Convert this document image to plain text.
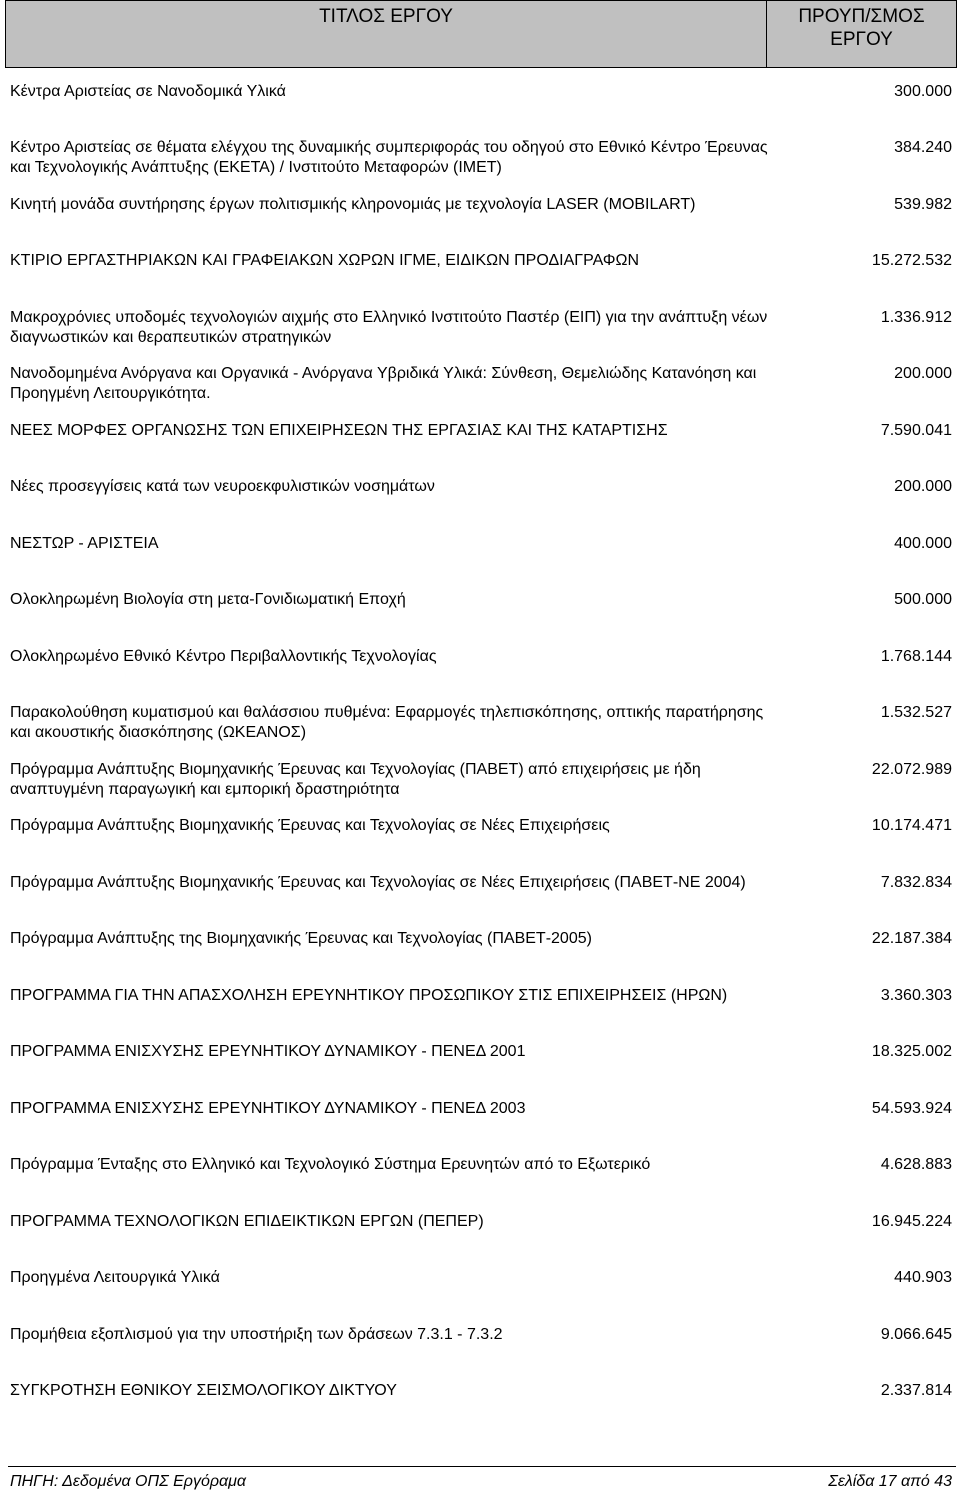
ΤΙΤΛΟΣ ΕΡΓΟΥ	ΠΡΟΥΠ/ΣΜΟΣ
ΕΡΓΟΥ
Κέντρα Αριστείας σε Νανοδομικά Υλικά	300.000
Κέντρο Αριστείας σε θέματα ελέγχου της δυναμικής συμπεριφοράς του οδηγού στο Εθνικό Κέντρο Έρευνας και Τεχνολογικής Ανάπτυξης (ΕΚΕΤΑ) / Ινστιτούτο Μεταφορών (ΙΜΕΤ)
384.240
Κινητή μονάδα συντήρησης έργων πολιτισμικής κληρονομιάς με τεχνολογία LASER (MOBILART)	539.982
ΚΤΙΡΙΟ ΕΡΓΑΣΤΗΡΙΑΚΩΝ ΚΑΙ ΓΡΑΦΕΙΑΚΩΝ ΧΩΡΩΝ ΙΓΜΕ, ΕΙΔΙΚΩΝ ΠΡΟΔΙΑΓΡΑΦΩΝ	15.272.532
Μακροχρόνιες υποδομές τεχνολογιών αιχμής στο Ελληνικό Ινστιτούτο Παστέρ (ΕΙΠ) για την ανάπτυξη νέων διαγνωστικών και θεραπευτικών στρατηγικών
1.336.912
Νανοδομημένα Ανόργανα και Οργανικά - Ανόργανα Υβριδικά Υλικά: Σύνθεση, Θεμελιώδης Κατανόηση και Προηγμένη Λειτουργικότητα.
200.000
ΝΕΕΣ ΜΟΡΦΕΣ ΟΡΓΑΝΩΣΗΣ ΤΩΝ ΕΠΙΧΕΙΡΗΣΕΩΝ ΤΗΣ ΕΡΓΑΣΙΑΣ ΚΑΙ ΤΗΣ ΚΑΤΑΡΤΙΣΗΣ	7.590.041
Νέες προσεγγίσεις κατά των νευροεκφυλιστικών νοσημάτων	200.000
ΝΕΣΤΩΡ - ΑΡΙΣΤΕΙΑ	400.000
Ολοκληρωμένη Βιολογία στη μετα-Γονιδιωματική Εποχή	500.000
Ολοκληρωμένο Εθνικό Κέντρο Περιβαλλοντικής Τεχνολογίας	1.768.144
Παρακολούθηση κυματισμού και θαλάσσιου πυθμένα: Εφαρμογές τηλεπισκόπησης, οπτικής παρατήρησης και ακουστικής διασκόπησης (ΩΚΕΑΝΟΣ)
1.532.527
Πρόγραμμα Ανάπτυξης Βιομηχανικής Έρευνας και Τεχνολογίας (ΠΑΒΕΤ) από επιχειρήσεις με ήδη αναπτυγμένη παραγωγική και εμπορική δραστηριότητα
22.072.989
Πρόγραμμα Ανάπτυξης Βιομηχανικής Έρευνας και Τεχνολογίας σε Νέες Επιχειρήσεις	10.174.471
Πρόγραμμα Ανάπτυξης Βιομηχανικής Έρευνας και Τεχνολογίας σε Νέες Επιχειρήσεις (ΠΑΒΕΤ-ΝΕ 2004)	7.832.834
Πρόγραμμα Ανάπτυξης της Βιομηχανικής Έρευνας και Τεχνολογίας (ΠΑΒΕΤ-2005)	22.187.384
ΠΡΟΓΡΑΜΜΑ ΓΙΑ ΤΗΝ ΑΠΑΣΧΟΛΗΣΗ ΕΡΕΥΝΗΤΙΚΟΥ ΠΡΟΣΩΠΙΚΟΥ ΣΤΙΣ ΕΠΙΧΕΙΡΗΣΕΙΣ (ΗΡΩΝ)	3.360.303
ΠΡΟΓΡΑΜΜΑ ΕΝΙΣΧΥΣΗΣ ΕΡΕΥΝΗΤΙΚΟΥ ΔΥΝΑΜΙΚΟΥ - ΠΕΝΕΔ 2001	18.325.002
ΠΡΟΓΡΑΜΜΑ ΕΝΙΣΧΥΣΗΣ ΕΡΕΥΝΗΤΙΚΟΥ ΔΥΝΑΜΙΚΟΥ - ΠΕΝΕΔ 2003	54.593.924
Πρόγραμμα Ένταξης στο Ελληνικό και Τεχνολογικό Σύστημα Ερευνητών από το Εξωτερικό	4.628.883
ΠΡΟΓΡΑΜΜΑ ΤΕΧΝΟΛΟΓΙΚΩΝ ΕΠΙΔΕΙΚΤΙΚΩΝ ΕΡΓΩΝ (ΠΕΠΕΡ)	16.945.224
Προηγμένα Λειτουργικά Υλικά	440.903
Προμήθεια εξοπλισμού για την υποστήριξη των δράσεων 7.3.1 - 7.3.2	9.066.645
ΣΥΓΚΡΟΤΗΣΗ ΕΘΝΙΚΟΥ ΣΕΙΣΜΟΛΟΓΙΚΟΥ ΔΙΚΤΥΟΥ	2.337.814
ΠΗΓΗ: Δεδομένα ΟΠΣ Εργόραμα	Σελίδα 17 από 43
